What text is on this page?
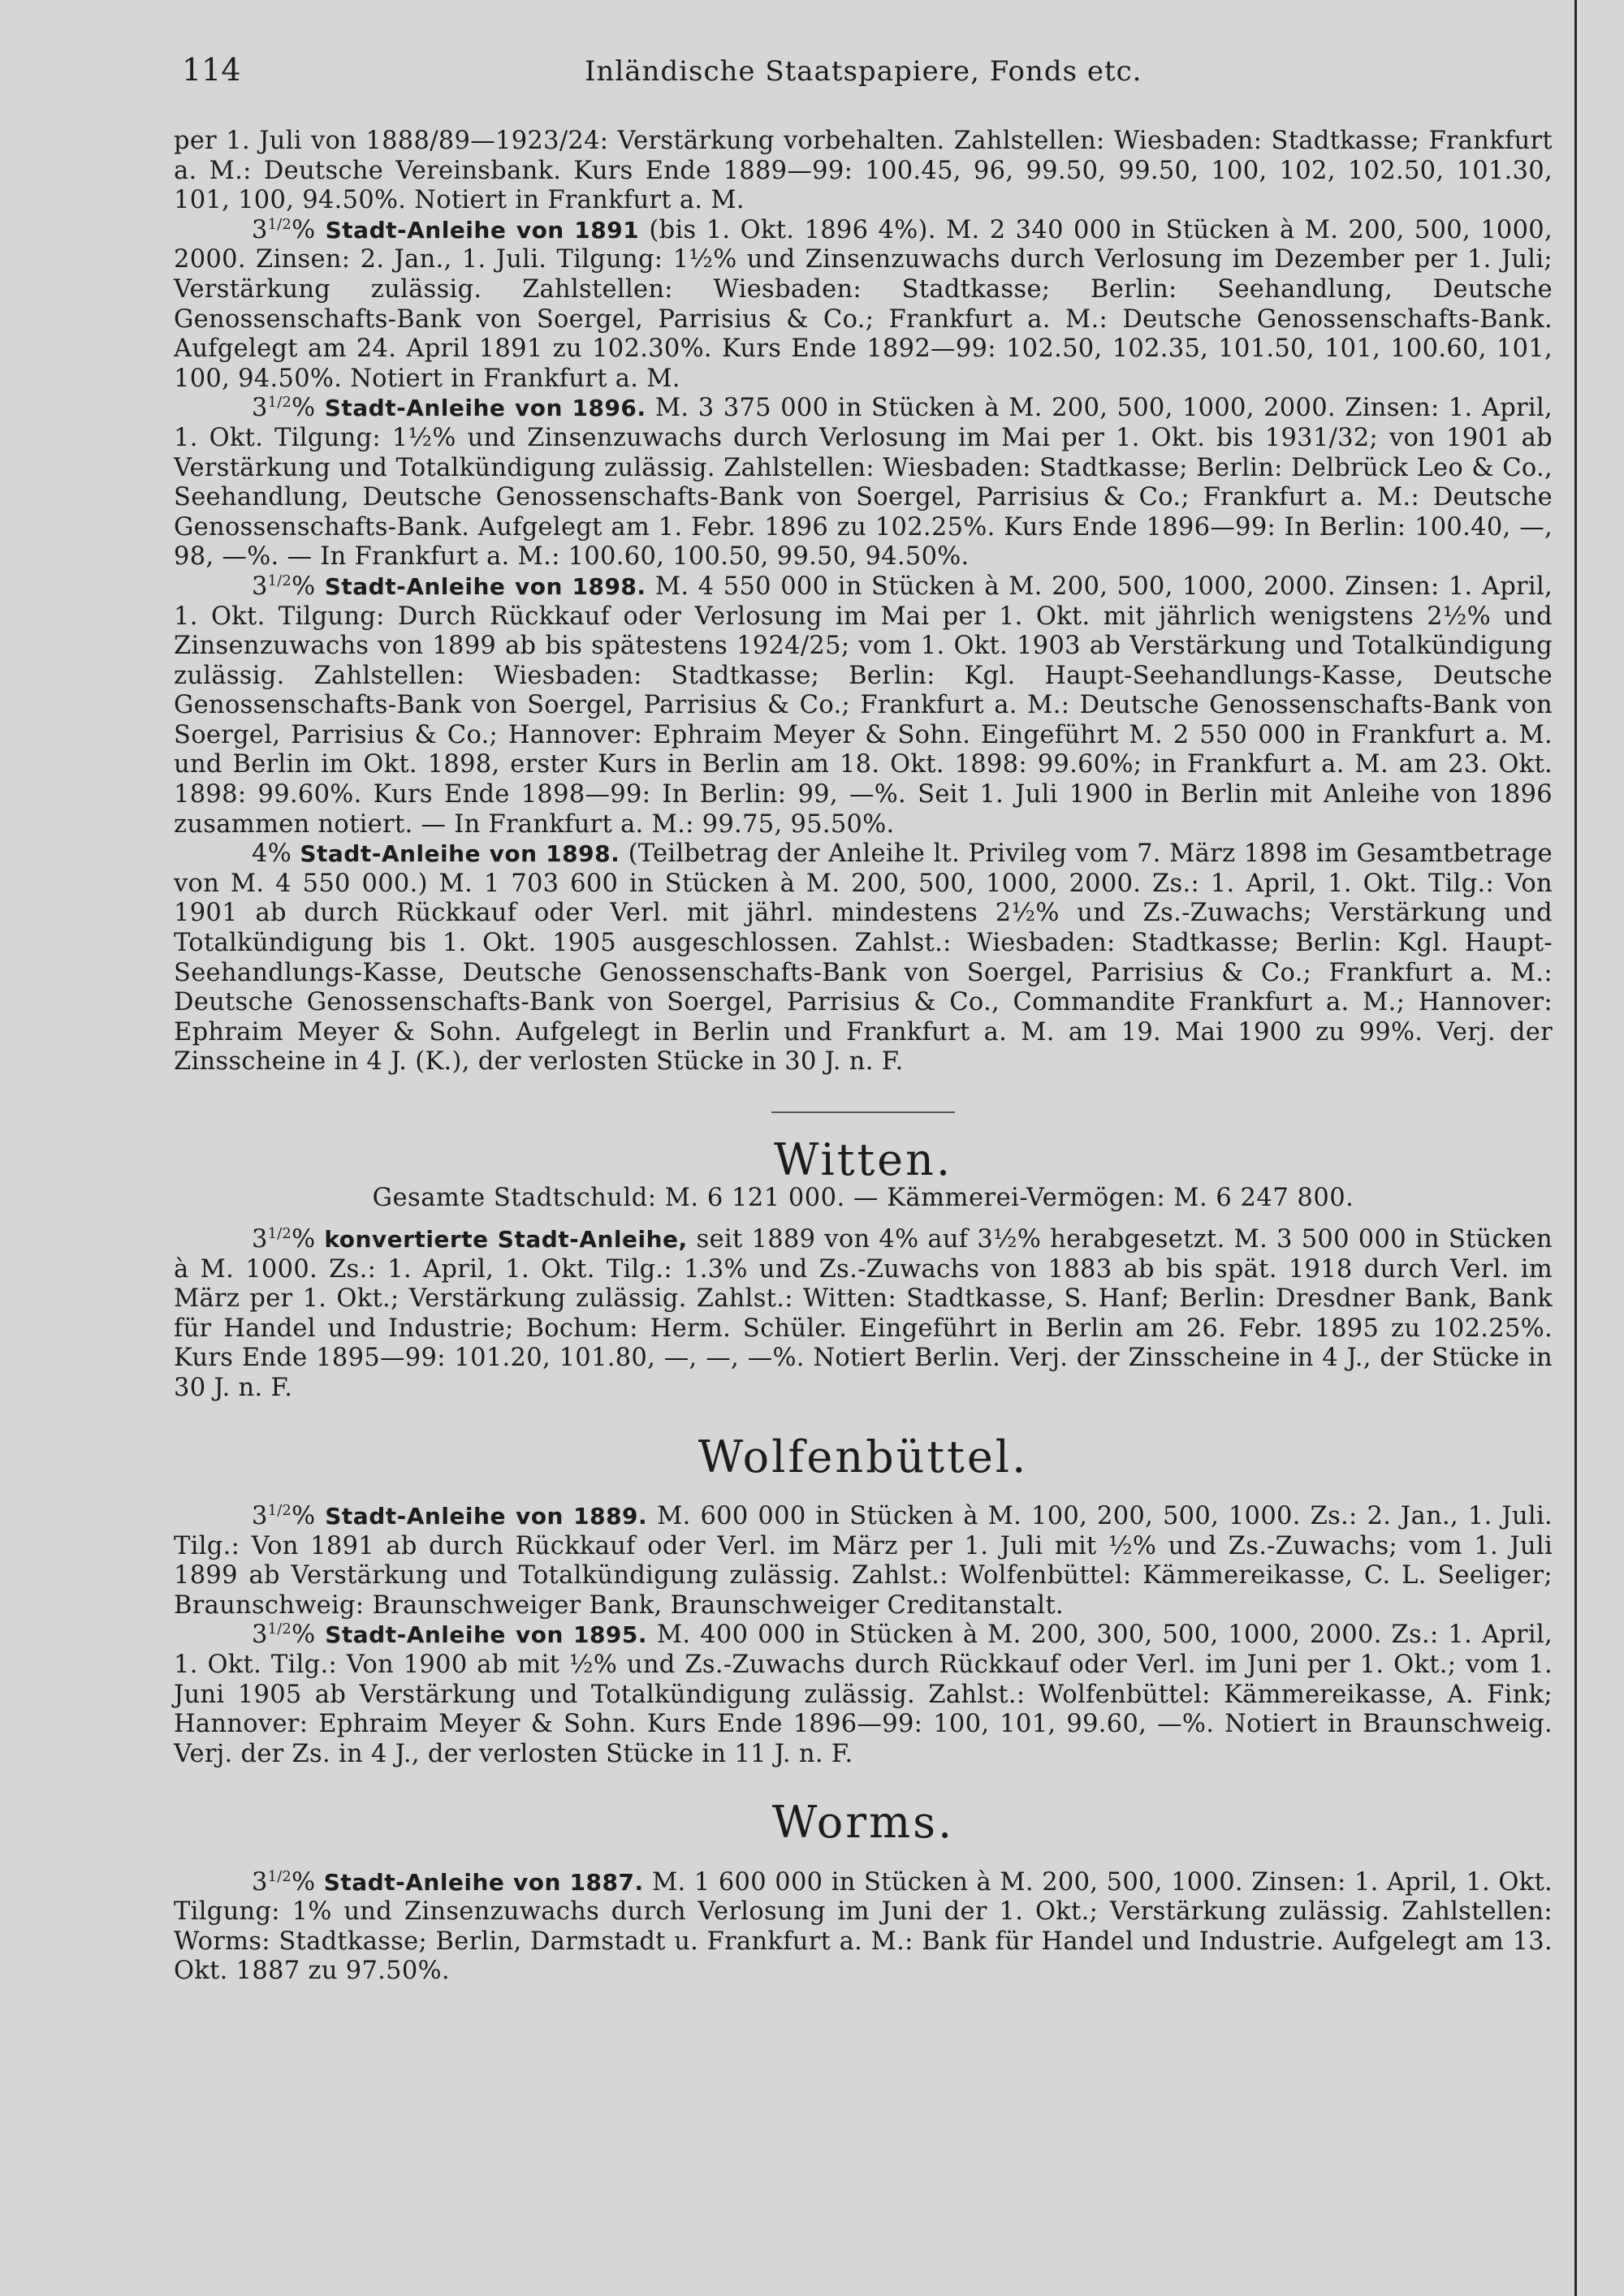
114	Inländische Staatspapiere, Fonds etc.

per 1. Juli von 1888/89—1923/24: Verstärkung vorbehalten. Zahlstellen: Wiesbaden: Stadtkasse; Frankfurt a. M.: Deutsche Vereinsbank. Kurs Ende 1889—99: 100.45, 96, 99.50, 99.50, 100, 102, 102.50, 101.30, 101, 100, 94.50%. Notiert in Frankfurt a. M.

$3^{1/2}\%$ Stadt-Anleihe von 1891 (bis 1. Okt. 1896 4%). M. 2 340 000 in Stücken à M. 200, 500, 1000, 2000. Zinsen: 2. Jan., 1. Juli. Tilgung: 1½% und Zinsenzuwachs durch Verlosung im Dezember per 1. Juli; Verstärkung zulässig. Zahlstellen: Wiesbaden: Stadtkasse; Berlin: Seehandlung, Deutsche Genossenschafts-Bank von Soergel, Parrisius & Co.; Frankfurt a. M.: Deutsche Genossenschafts-Bank. Aufgelegt am 24. April 1891 zu 102.30%. Kurs Ende 1892—99: 102.50, 102.35, 101.50, 101, 100.60, 101, 100, 94.50%. Notiert in Frankfurt a. M.

$3^{1/2}\%$ Stadt-Anleihe von 1896. M. 3 375 000 in Stücken à M. 200, 500, 1000, 2000. Zinsen: 1. April, 1. Okt. Tilgung: 1½% und Zinsenzuwachs durch Verlosung im Mai per 1. Okt. bis 1931/32; von 1901 ab Verstärkung und Totalkündigung zulässig. Zahlstellen: Wiesbaden: Stadtkasse; Berlin: Delbrück Leo & Co., Seehandlung, Deutsche Genossenschafts-Bank von Soergel, Parrisius & Co.; Frankfurt a. M.: Deutsche Genossenschafts-Bank. Aufgelegt am 1. Febr. 1896 zu 102.25%. Kurs Ende 1896—99: In Berlin: 100.40, —, 98, —%. — In Frankfurt a. M.: 100.60, 100.50, 99.50, 94.50%.

$3^{1/2}\%$ Stadt-Anleihe von 1898. M. 4 550 000 in Stücken à M. 200, 500, 1000, 2000. Zinsen: 1. April, 1. Okt. Tilgung: Durch Rückkauf oder Verlosung im Mai per 1. Okt. mit jährlich wenigstens 2½% und Zinsenzuwachs von 1899 ab bis spätestens 1924/25; vom 1. Okt. 1903 ab Verstärkung und Totalkündigung zulässig. Zahlstellen: Wiesbaden: Stadtkasse; Berlin: Kgl. Haupt-Seehandlungs-Kasse, Deutsche Genossenschafts-Bank von Soergel, Parrisius & Co.; Frankfurt a. M.: Deutsche Genossenschafts-Bank von Soergel, Parrisius & Co.; Hannover: Ephraim Meyer & Sohn. Eingeführt M. 2 550 000 in Frankfurt a. M. und Berlin im Okt. 1898, erster Kurs in Berlin am 18. Okt. 1898: 99.60%; in Frankfurt a. M. am 23. Okt. 1898: 99.60%. Kurs Ende 1898—99: In Berlin: 99, —%. Seit 1. Juli 1900 in Berlin mit Anleihe von 1896 zusammen notiert. — In Frankfurt a. M.: 99.75, 95.50%.

4% Stadt-Anleihe von 1898. (Teilbetrag der Anleihe lt. Privileg vom 7. März 1898 im Gesamtbetrage von M. 4 550 000.) M. 1 703 600 in Stücken à M. 200, 500, 1000, 2000. Zs.: 1. April, 1. Okt. Tilg.: Von 1901 ab durch Rückkauf oder Verl. mit jährl. mindestens 2½% und Zs.-Zuwachs; Verstärkung und Totalkündigung bis 1. Okt. 1905 ausgeschlossen. Zahlst.: Wiesbaden: Stadtkasse; Berlin: Kgl. Haupt-Seehandlungs-Kasse, Deutsche Genossenschafts-Bank von Soergel, Parrisius & Co.; Frankfurt a. M.: Deutsche Genossenschafts-Bank von Soergel, Parrisius & Co., Commandite Frankfurt a. M.; Hannover: Ephraim Meyer & Sohn. Aufgelegt in Berlin und Frankfurt a. M. am 19. Mai 1900 zu 99%. Verj. der Zinsscheine in 4 J. (K.), der verlosten Stücke in 30 J. n. F.

Witten.
Gesamte Stadtschuld: M. 6 121 000. — Kämmerei-Vermögen: M. 6 247 800.

$3^{1/2}\%$ konvertierte Stadt-Anleihe, seit 1889 von 4% auf 3½% herabgesetzt. M. 3 500 000 in Stücken à M. 1000. Zs.: 1. April, 1. Okt. Tilg.: 1.3% und Zs.-Zuwachs von 1883 ab bis spät. 1918 durch Verl. im März per 1. Okt.; Verstärkung zulässig. Zahlst.: Witten: Stadtkasse, S. Hanf; Berlin: Dresdner Bank, Bank für Handel und Industrie; Bochum: Herm. Schüler. Eingeführt in Berlin am 26. Febr. 1895 zu 102.25%. Kurs Ende 1895—99: 101.20, 101.80, —, —, —%. Notiert Berlin. Verj. der Zinsscheine in 4 J., der Stücke in 30 J. n. F.

Wolfenbüttel.

$3^{1/2}\%$ Stadt-Anleihe von 1889. M. 600 000 in Stücken à M. 100, 200, 500, 1000. Zs.: 2. Jan., 1. Juli. Tilg.: Von 1891 ab durch Rückkauf oder Verl. im März per 1. Juli mit ½% und Zs.-Zuwachs; vom 1. Juli 1899 ab Verstärkung und Totalkündigung zulässig. Zahlst.: Wolfenbüttel: Kämmereikasse, C. L. Seeliger; Braunschweig: Braunschweiger Bank, Braunschweiger Creditanstalt.

$3^{1/2}\%$ Stadt-Anleihe von 1895. M. 400 000 in Stücken à M. 200, 300, 500, 1000, 2000. Zs.: 1. April, 1. Okt. Tilg.: Von 1900 ab mit ½% und Zs.-Zuwachs durch Rückkauf oder Verl. im Juni per 1. Okt.; vom 1. Juni 1905 ab Verstärkung und Totalkündigung zulässig. Zahlst.: Wolfenbüttel: Kämmereikasse, A. Fink; Hannover: Ephraim Meyer & Sohn. Kurs Ende 1896—99: 100, 101, 99.60, —%. Notiert in Braunschweig. Verj. der Zs. in 4 J., der verlosten Stücke in 11 J. n. F.

Worms.

$3^{1/2}\%$ Stadt-Anleihe von 1887. M. 1 600 000 in Stücken à M. 200, 500, 1000. Zinsen: 1. April, 1. Okt. Tilgung: 1% und Zinsenzuwachs durch Verlosung im Juni der 1. Okt.; Verstärkung zulässig. Zahlstellen: Worms: Stadtkasse; Berlin, Darmstadt u. Frankfurt a. M.: Bank für Handel und Industrie. Aufgelegt am 13. Okt. 1887 zu 97.50%.
